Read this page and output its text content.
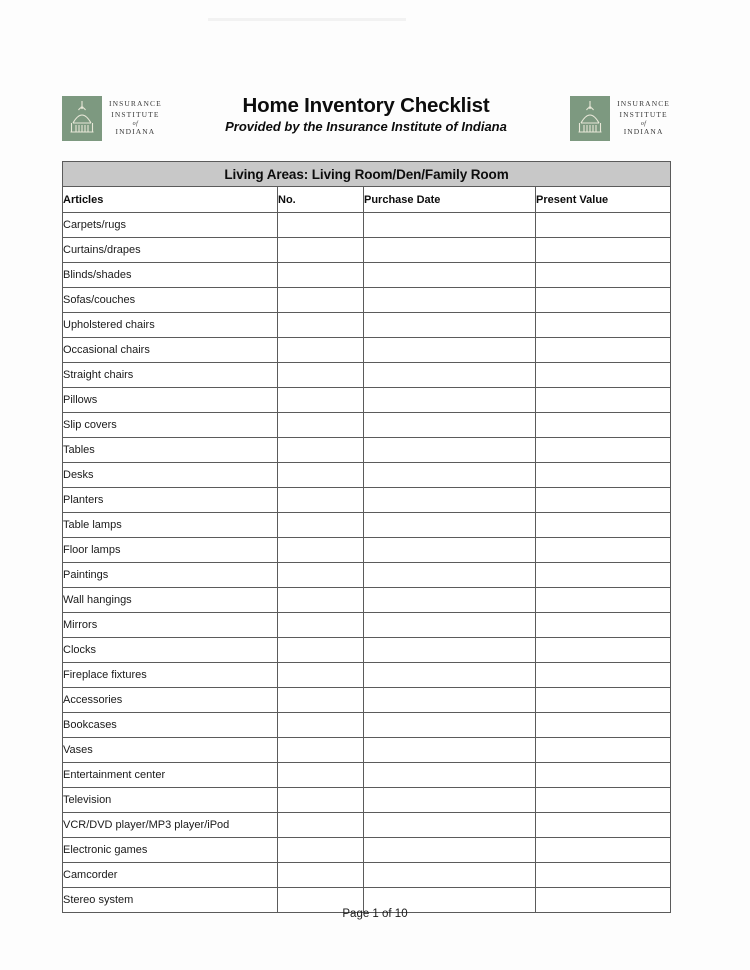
INSURANCE
INSTITUTE
of
INDIANA
Home Inventory Checklist
Provided by the Insurance Institute of Indiana
INSURANCE
INSTITUTE
of
INDIANA
Living Areas: Living Room/Den/Family Room			
Articles	No.	Purchase Date	Present Value
Carpets/rugs			
Curtains/drapes			
Blinds/shades			
Sofas/couches			
Upholstered chairs			
Occasional chairs			
Straight chairs			
Pillows			
Slip covers			
Tables			
Desks			
Planters			
Table lamps			
Floor lamps			
Paintings			
Wall hangings			
Mirrors			
Clocks			
Fireplace fixtures			
Accessories			
Bookcases			
Vases			
Entertainment center			
Television			
VCR/DVD player/MP3 player/iPod			
Electronic games			
Camcorder			
Stereo system			
Page 1 of 10
